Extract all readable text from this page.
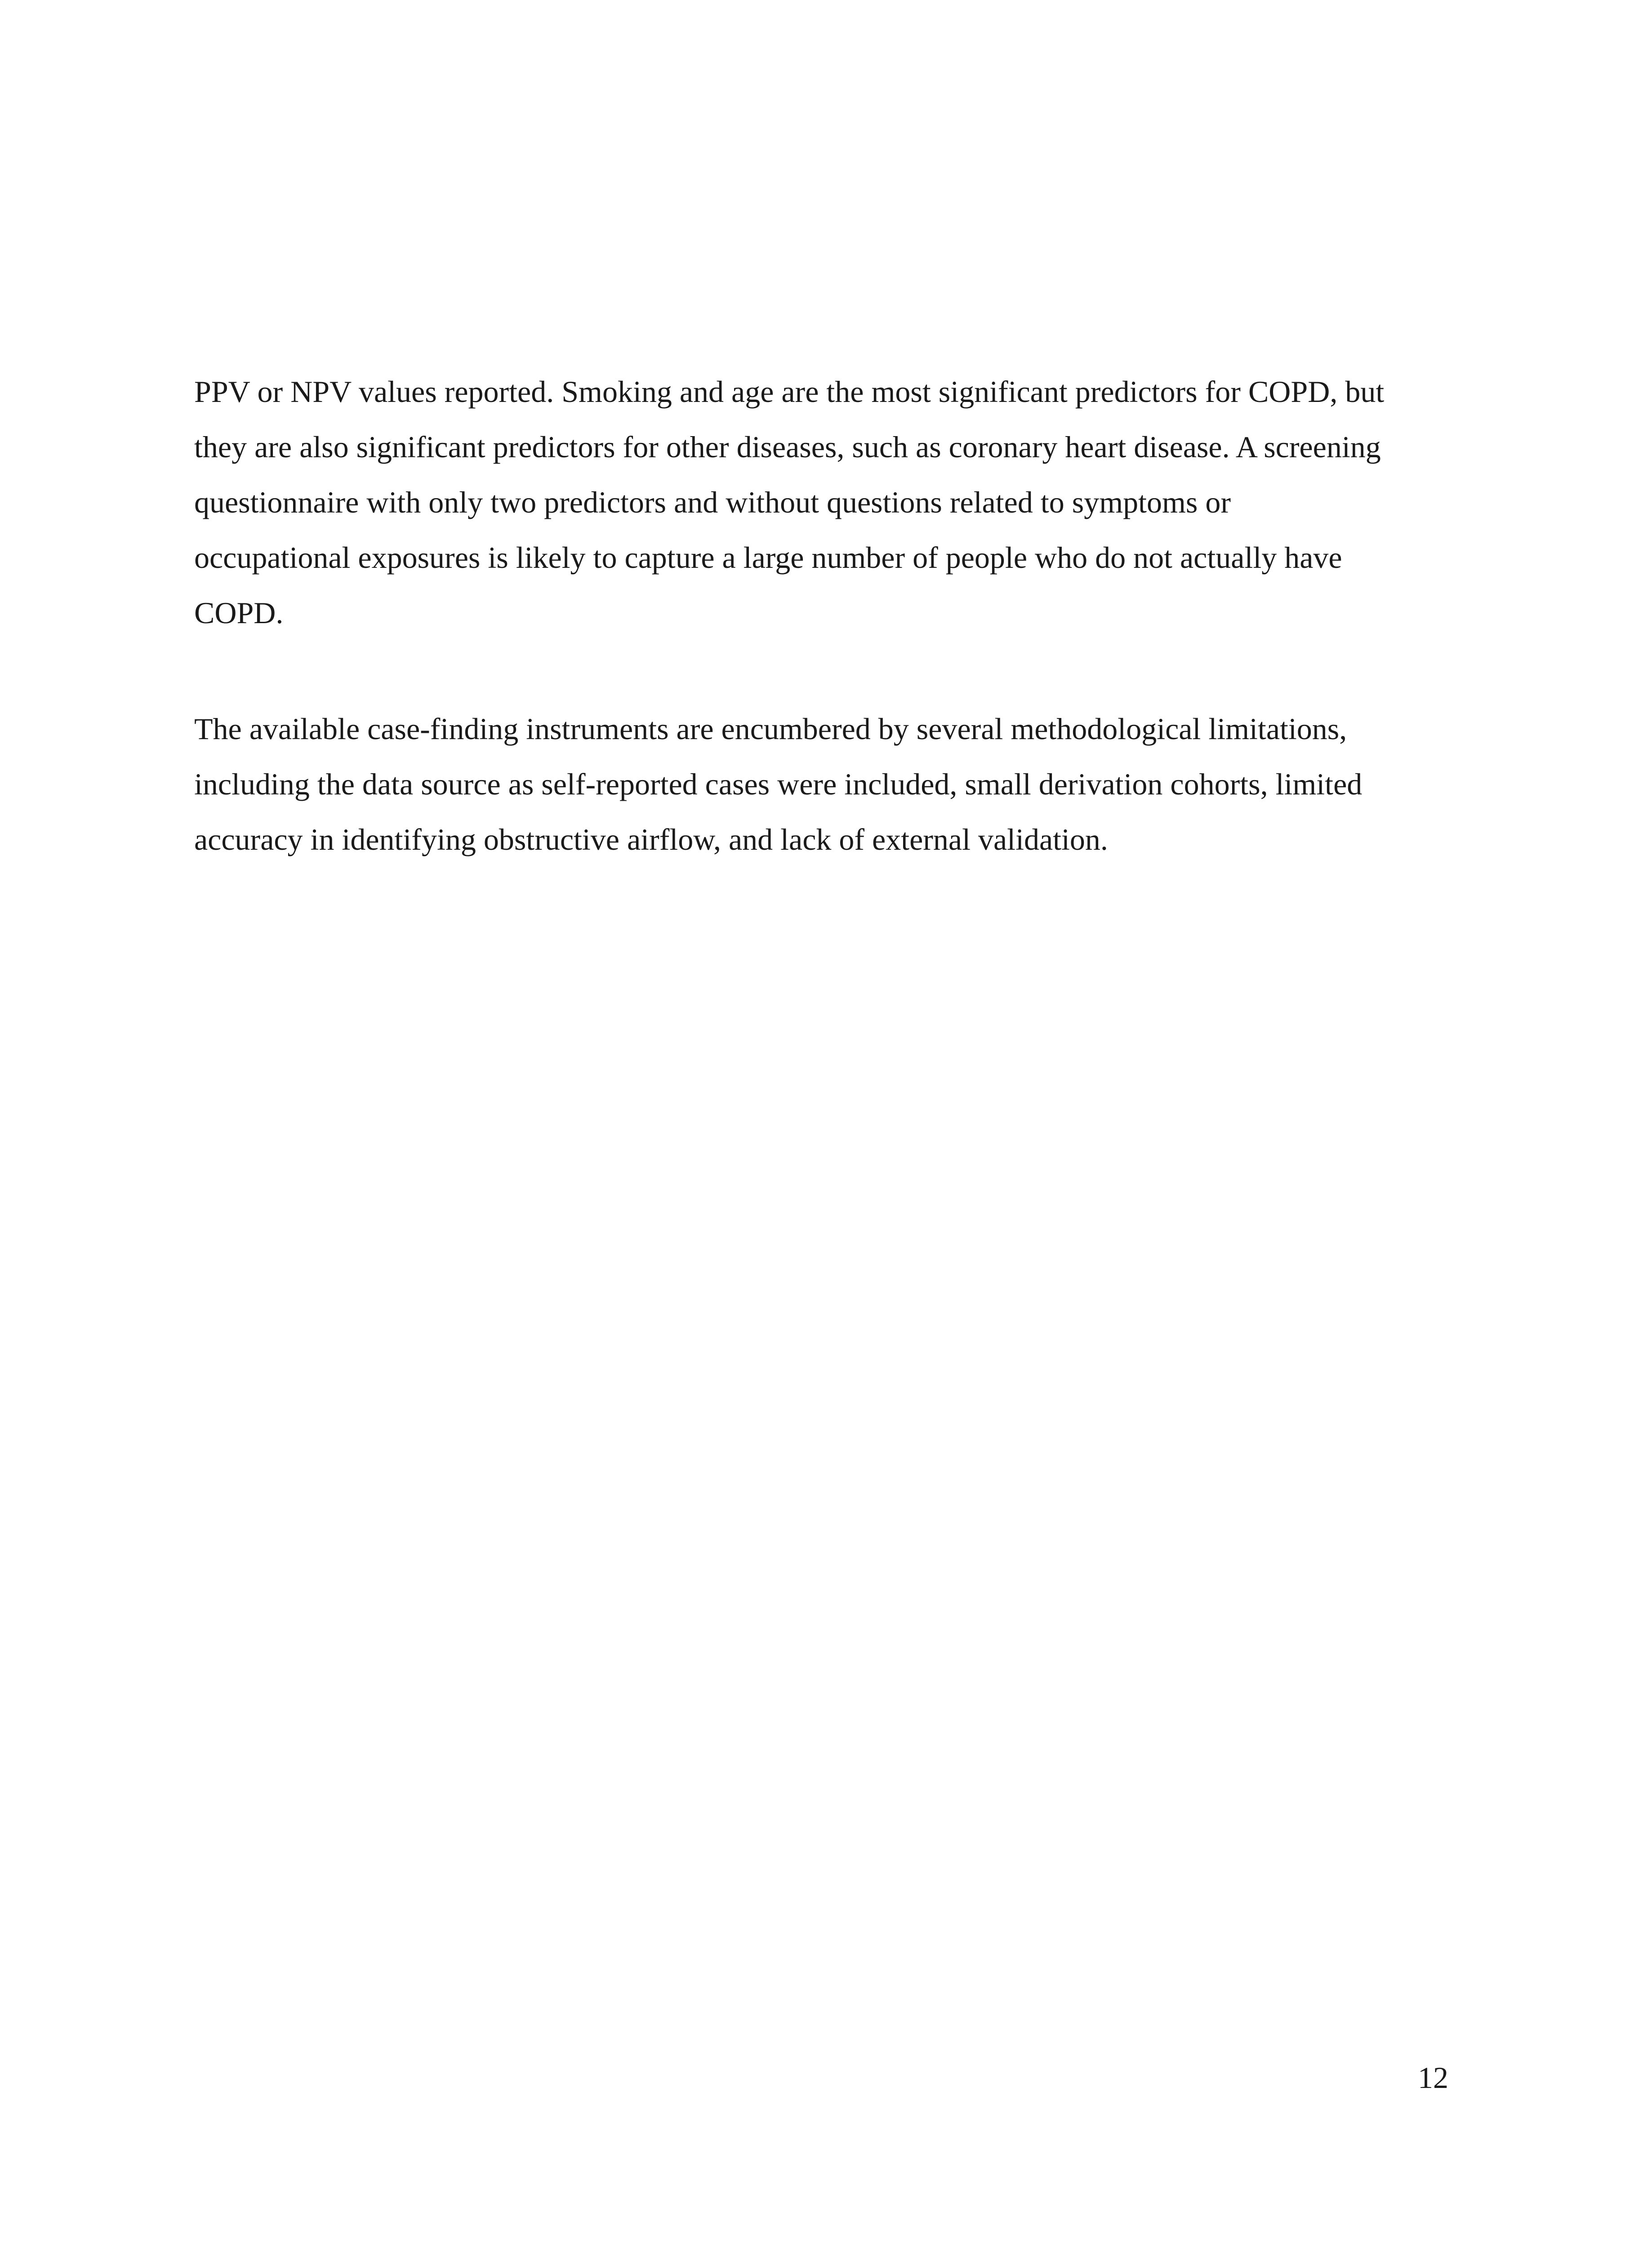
PPV or NPV values reported. Smoking and age are the most significant predictors for COPD, but
they are also significant predictors for other diseases, such as coronary heart disease. A screening
questionnaire with only two predictors and without questions related to symptoms or
occupational exposures is likely to capture a large number of people who do not actually have
COPD.
The available case-finding instruments are encumbered by several methodological limitations,
including the data source as self-reported cases were included, small derivation cohorts, limited
accuracy in identifying obstructive airflow, and lack of external validation.
12
